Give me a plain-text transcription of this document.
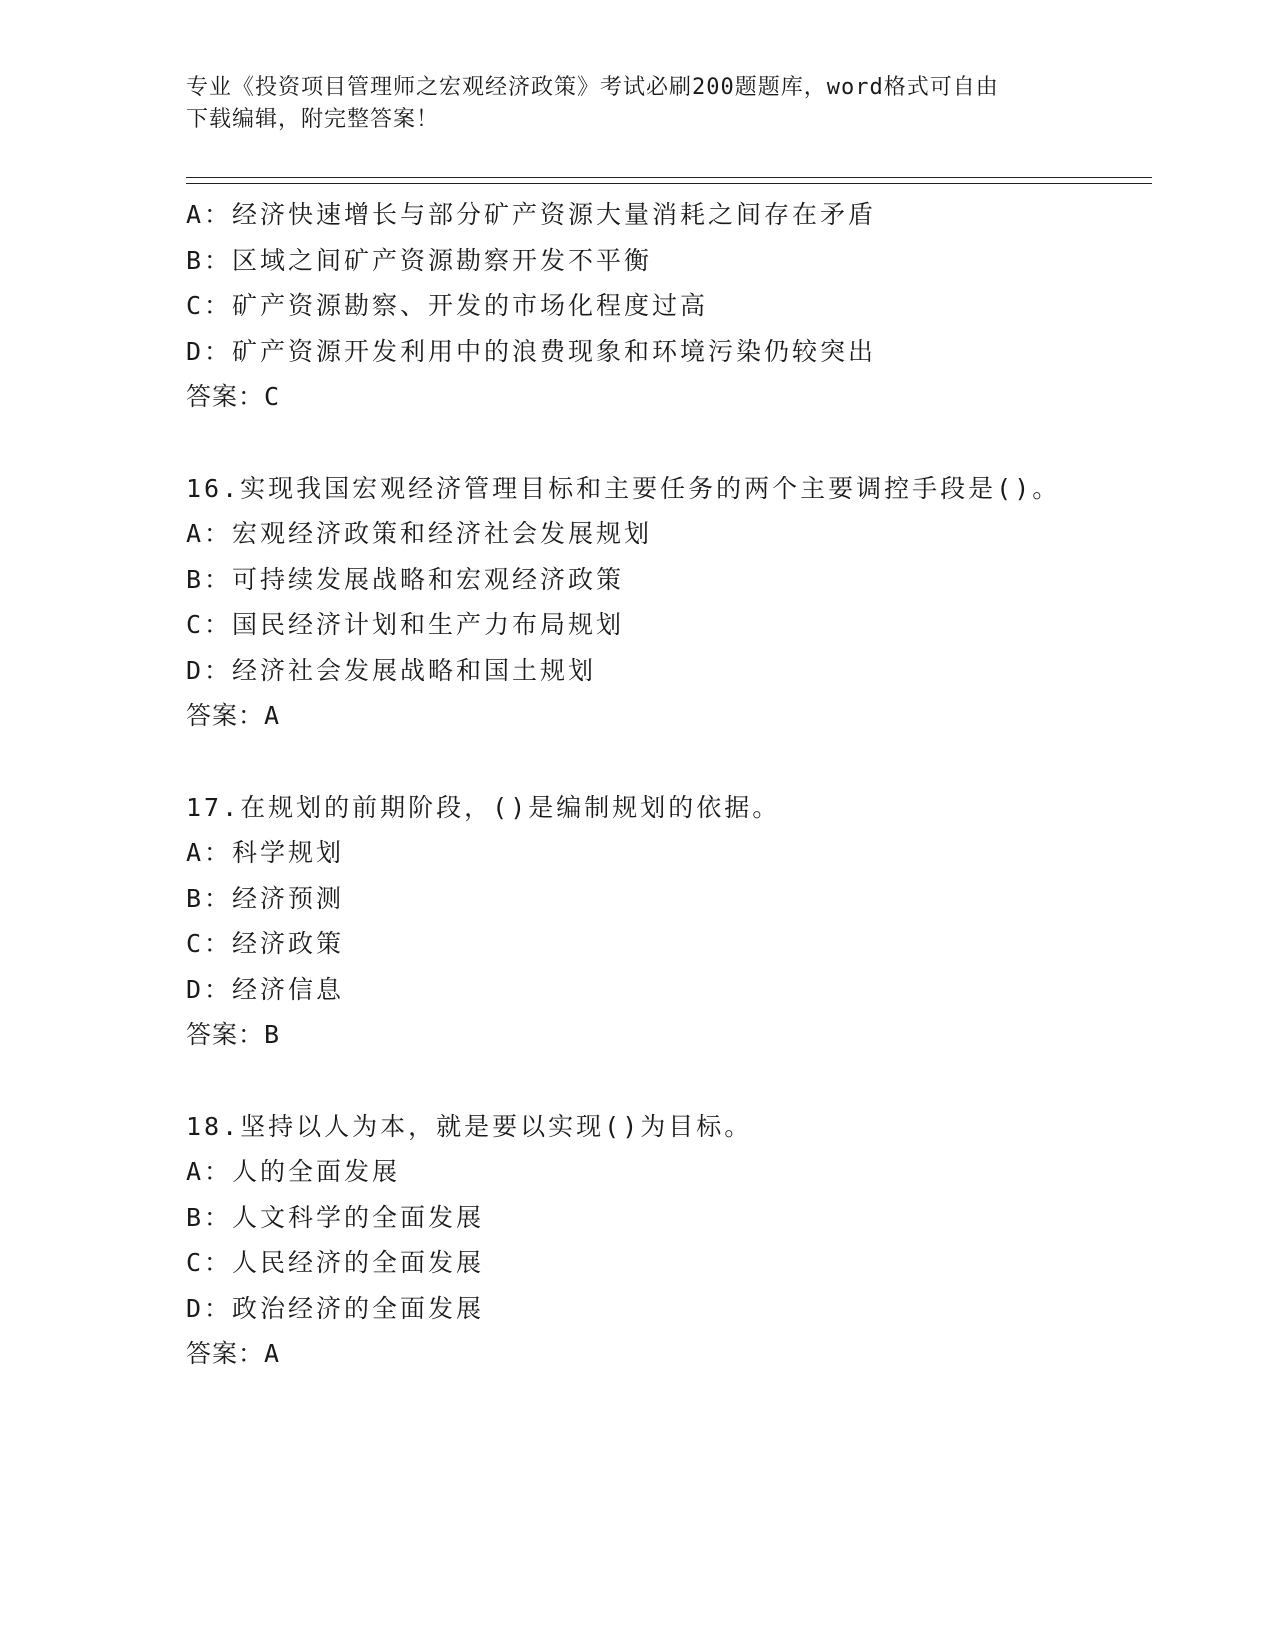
专业《投资项目管理师之宏观经济政策》考试必刷200题题库，word格式可自由
下载编辑，附完整答案！
A：经济快速增长与部分矿产资源大量消耗之间存在矛盾
B：区域之间矿产资源勘察开发不平衡
C：矿产资源勘察、开发的市场化程度过高
D：矿产资源开发利用中的浪费现象和环境污染仍较突出
答案：C
16.实现我国宏观经济管理目标和主要任务的两个主要调控手段是()。
A：宏观经济政策和经济社会发展规划
B：可持续发展战略和宏观经济政策
C：国民经济计划和生产力布局规划
D：经济社会发展战略和国土规划
答案：A
17.在规划的前期阶段，()是编制规划的依据。
A：科学规划
B：经济预测
C：经济政策
D：经济信息
答案：B
18.坚持以人为本，就是要以实现()为目标。
A：人的全面发展
B：人文科学的全面发展
C：人民经济的全面发展
D：政治经济的全面发展
答案：A
